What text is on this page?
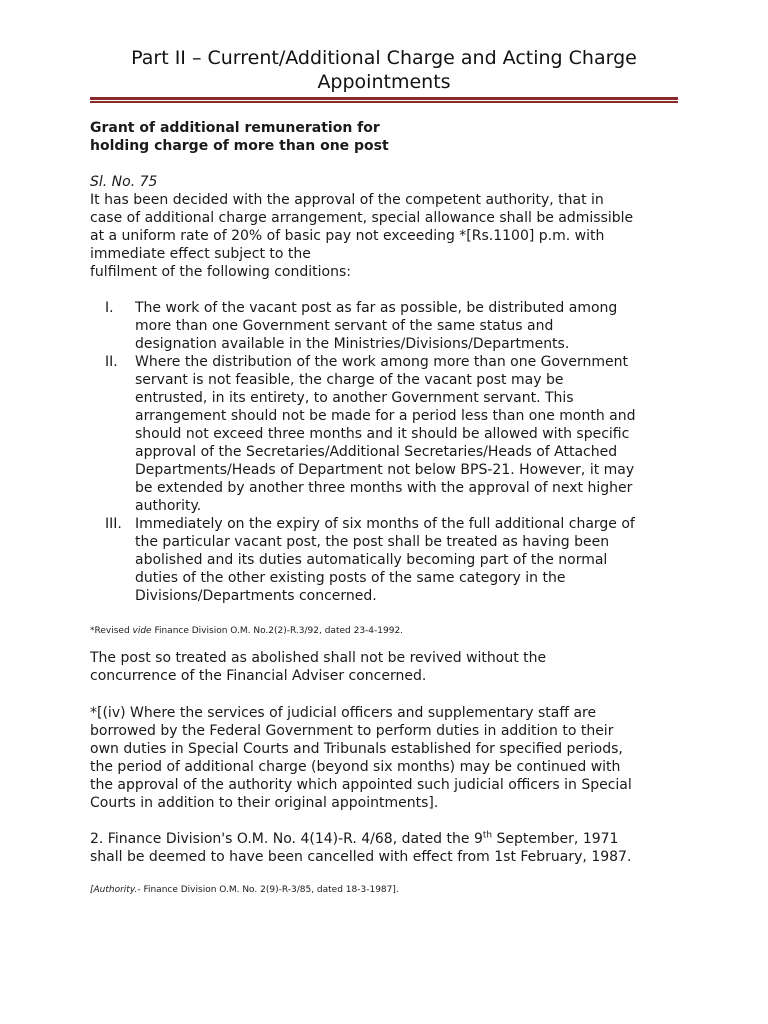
Part II – Current/Additional Charge and Acting Charge Appointments
Grant of additional remuneration for holding charge of more than one post
Sl. No. 75
It has been decided with the approval of the competent authority, that in
case of additional charge arrangement, special allowance shall be admissible
at a uniform rate of 20% of basic pay not exceeding *[Rs.1100] p.m. with
immediate effect subject to the
fulfilment of the following conditions:
I.	The work of the vacant post as far as possible, be distributed among
more than one Government servant of the same status and
designation available in the Ministries/Divisions/Departments.
II.	Where the distribution of the work among more than one Government
servant is not feasible, the charge of the vacant post may be
entrusted, in its entirety, to another Government servant. This
arrangement should not be made for a period less than one month and
should not exceed three months and it should be allowed with specific
approval of the Secretaries/Additional Secretaries/Heads of Attached
Departments/Heads of Department not below BPS-21. However, it may
be extended by another three months with the approval of next higher
authority.
III. Immediately on the expiry of six months of the full additional charge of
the particular vacant post, the post shall be treated as having been
abolished and its duties automatically becoming part of the normal
duties of the other existing posts of the same category in the
Divisions/Departments concerned.
*Revised vide Finance Division O.M. No.2(2)-R.3/92, dated 23-4-1992.
The post so treated as abolished shall not be revived without the
concurrence of the Financial Adviser concerned.
*[(iv) Where the services of judicial officers and supplementary staff are
borrowed by the Federal Government to perform duties in addition to their
own duties in Special Courts and Tribunals established for specified periods,
the period of additional charge (beyond six months) may be continued with
the approval of the authority which appointed such judicial officers in Special
Courts in addition to their original appointments].
2. Finance Division's O.M. No. 4(14)-R. 4/68, dated the 9th September, 1971
shall be deemed to have been cancelled with effect from 1st February, 1987.
[Authority.- Finance Division O.M. No. 2(9)-R-3/85, dated 18-3-1987].
